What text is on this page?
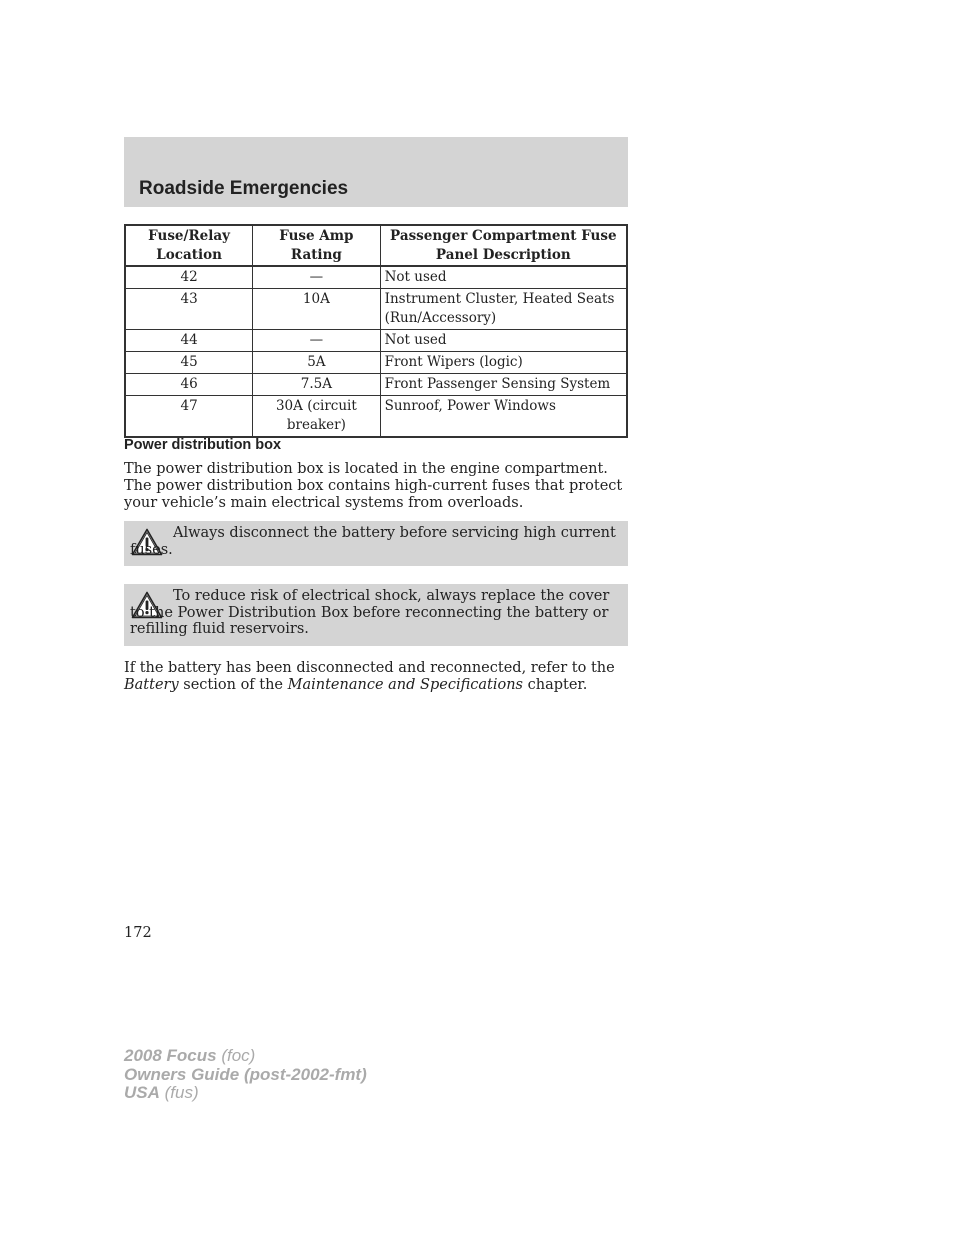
Roadside Emergencies
Fuse/Relay Location	Fuse Amp Rating	Passenger Compartment Fuse Panel Description
42	—	Not used
43	10A	Instrument Cluster, Heated Seats (Run/Accessory)
44	—	Not used
45	5A	Front Wipers (logic)
46	7.5A	Front Passenger Sensing System
47	30A (circuit breaker)	Sunroof, Power Windows
Power distribution box

The power distribution box is located in the engine compartment. The power distribution box contains high-current fuses that protect your vehicle’s main electrical systems from overloads.

Always disconnect the battery before servicing high current fuses.

To reduce risk of electrical shock, always replace the cover to the Power Distribution Box before reconnecting the battery or refilling fluid reservoirs.

If the battery has been disconnected and reconnected, refer to the Battery section of the Maintenance and Specifications chapter.

172

2008 Focus (foc)
Owners Guide (post-2002-fmt)
USA (fus)
